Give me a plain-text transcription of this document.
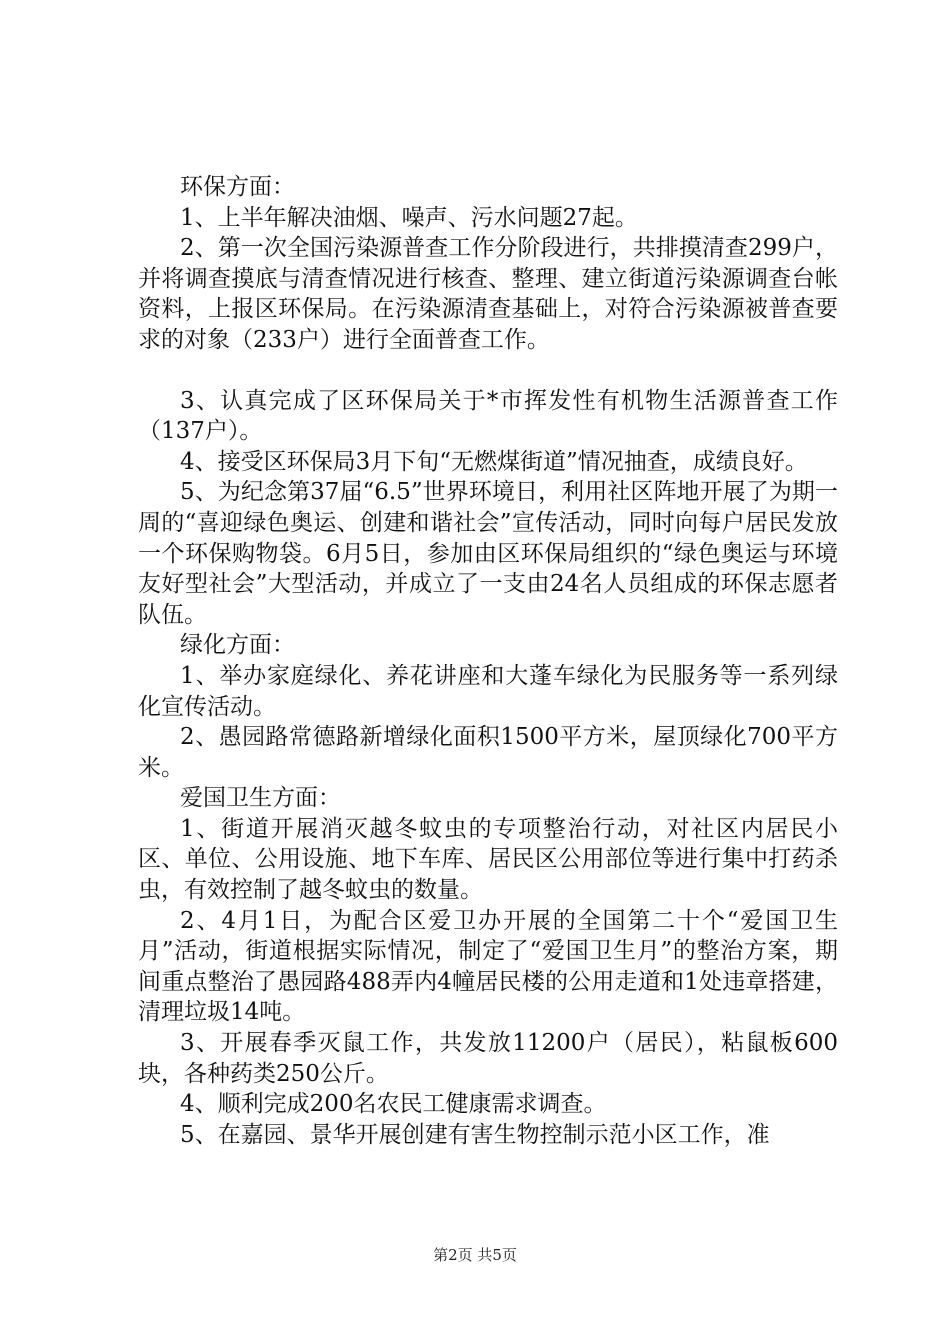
环保方面：

1、上半年解决油烟、噪声、污水问题27起。

2、第一次全国污染源普查工作分阶段进行，共排摸清查299户，并将调查摸底与清查情况进行核查、整理、建立街道污染源调查台帐资料，上报区环保局。在污染源清查基础上，对符合污染源被普查要求的对象（233户）进行全面普查工作。

3、认真完成了区环保局关于*市挥发性有机物生活源普查工作（137户）。

4、接受区环保局3月下旬“无燃煤街道”情况抽查，成绩良好。

5、为纪念第37届“6.5”世界环境日，利用社区阵地开展了为期一周的“喜迎绿色奥运、创建和谐社会”宣传活动，同时向每户居民发放一个环保购物袋。6月5日，参加由区环保局组织的“绿色奥运与环境友好型社会”大型活动，并成立了一支由24名人员组成的环保志愿者队伍。

绿化方面：

1、举办家庭绿化、养花讲座和大蓬车绿化为民服务等一系列绿化宣传活动。

2、愚园路常德路新增绿化面积1500平方米，屋顶绿化700平方米。

爱国卫生方面：

1、街道开展消灭越冬蚊虫的专项整治行动，对社区内居民小区、单位、公用设施、地下车库、居民区公用部位等进行集中打药杀虫，有效控制了越冬蚊虫的数量。

2、4月1日，为配合区爱卫办开展的全国第二十个“爱国卫生月”活动，街道根据实际情况，制定了“爱国卫生月”的整治方案，期间重点整治了愚园路488弄内4幢居民楼的公用走道和1处违章搭建，清理垃圾14吨。

3、开展春季灭鼠工作，共发放11200户（居民），粘鼠板600块，各种药类250公斤。

4、顺利完成200名农民工健康需求调查。

5、在嘉园、景华开展创建有害生物控制示范小区工作，准

第2页 共5页
